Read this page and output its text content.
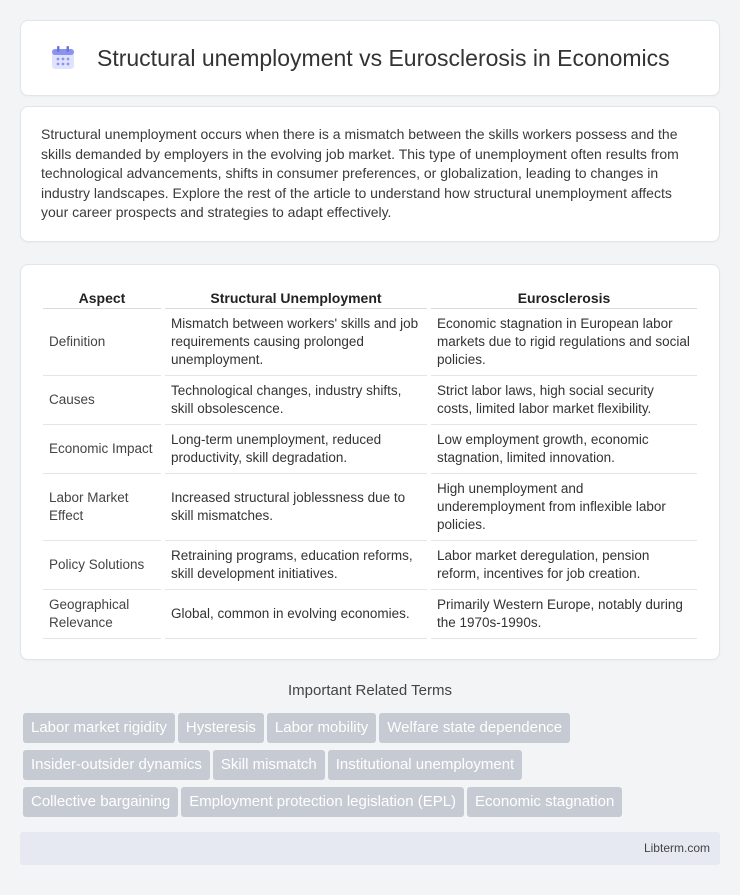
Structural unemployment vs Eurosclerosis in Economics

Structural unemployment occurs when there is a mismatch between the skills workers possess and the skills demanded by employers in the evolving job market. This type of unemployment often results from technological advancements, shifts in consumer preferences, or globalization, leading to changes in industry landscapes. Explore the rest of the article to understand how structural unemployment affects your career prospects and strategies to adapt effectively.

Aspect	Structural Unemployment	Eurosclerosis
Definition	Mismatch between workers' skills and job requirements causing prolonged unemployment.	Economic stagnation in European labor markets due to rigid regulations and social policies.
Causes	Technological changes, industry shifts, skill obsolescence.	Strict labor laws, high social security costs, limited labor market flexibility.
Economic Impact	Long-term unemployment, reduced productivity, skill degradation.	Low employment growth, economic stagnation, limited innovation.
Labor Market Effect	Increased structural joblessness due to skill mismatches.	High unemployment and underemployment from inflexible labor policies.
Policy Solutions	Retraining programs, education reforms, skill development initiatives.	Labor market deregulation, pension reform, incentives for job creation.
Geographical Relevance	Global, common in evolving economies.	Primarily Western Europe, notably during the 1970s-1990s.
Important Related Terms
Labor market rigidity Hysteresis Labor mobility Welfare state dependence
Insider-outsider dynamics Skill mismatch Institutional unemployment
Collective bargaining Employment protection legislation (EPL) Economic stagnation
Libterm.com
